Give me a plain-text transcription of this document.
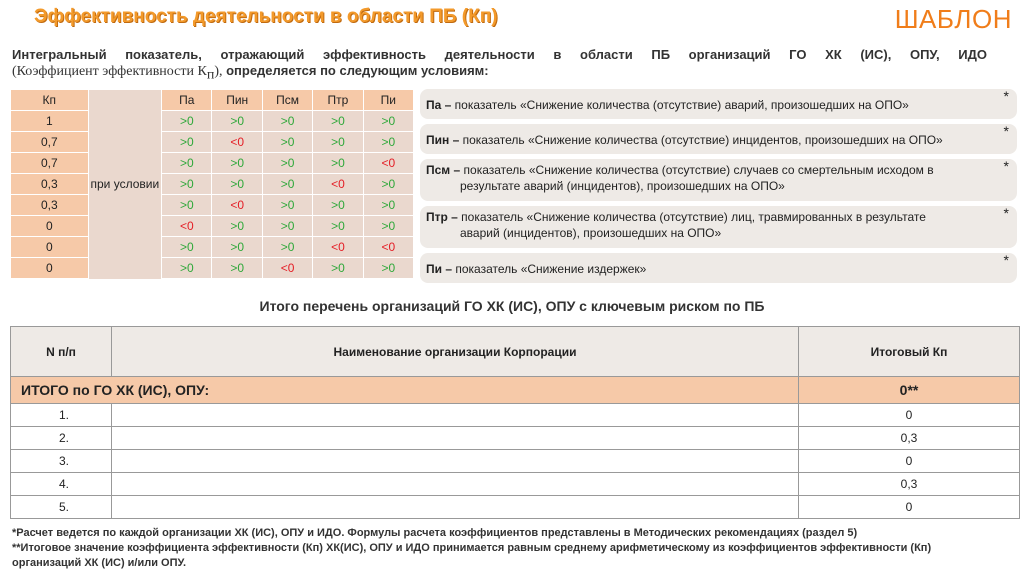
Эффективность деятельности в области ПБ (Кп)	ШАБЛОН
Интегральный показатель, отражающий эффективность деятельности в области ПБ организаций ГО ХК (ИС), ОПУ, ИДО
(Коэффициент эффективности $К_п$), определяется по следующим условиям:
Кп	при условии	Па	Пин	Псм	Птр	Пи
1		>0	>0	>0	>0	>0
0,7		>0	<0	>0	>0	>0
0,7		>0	>0	>0	>0	<0
0,3		>0	>0	>0	<0	>0
0,3		>0	<0	>0	>0	>0
0		<0	>0	>0	>0	>0
0		>0	>0	>0	<0	<0
0		>0	>0	<0	>0	>0
Па – показатель «Снижение количества (отсутствие) аварий, произошедших на ОПО»
*
Пин – показатель «Снижение количества (отсутствие) инцидентов, произошедших на ОПО»
*
Псм – показатель «Снижение количества (отсутствие) случаев со смертельным исходом в
результате аварий (инцидентов), произошедших на ОПО»
*
Птр – показатель «Снижение количества (отсутствие) лиц, травмированных в результате
аварий (инцидентов), произошедших на ОПО»
*
Пи – показатель «Снижение издержек»
*
Итого перечень организаций ГО ХК (ИС), ОПУ с ключевым риском по ПБ
N п/п	Наименование организации Корпорации	Итоговый Кп
ИТОГО по ГО ХК (ИС), ОПУ:		0**
1.		0
2.		0,3
3.		0
4.		0,3
5.		0
*Расчет ведется по каждой организации ХК (ИС), ОПУ и ИДО. Формулы расчета коэффициентов представлены в Методических рекомендациях (раздел 5)
**Итоговое значение коэффициента эффективности (Кп) ХК(ИС), ОПУ и ИДО принимается равным среднему арифметическому из коэффициентов эффективности (Кп)
организаций ХК (ИС) и/или ОПУ.
